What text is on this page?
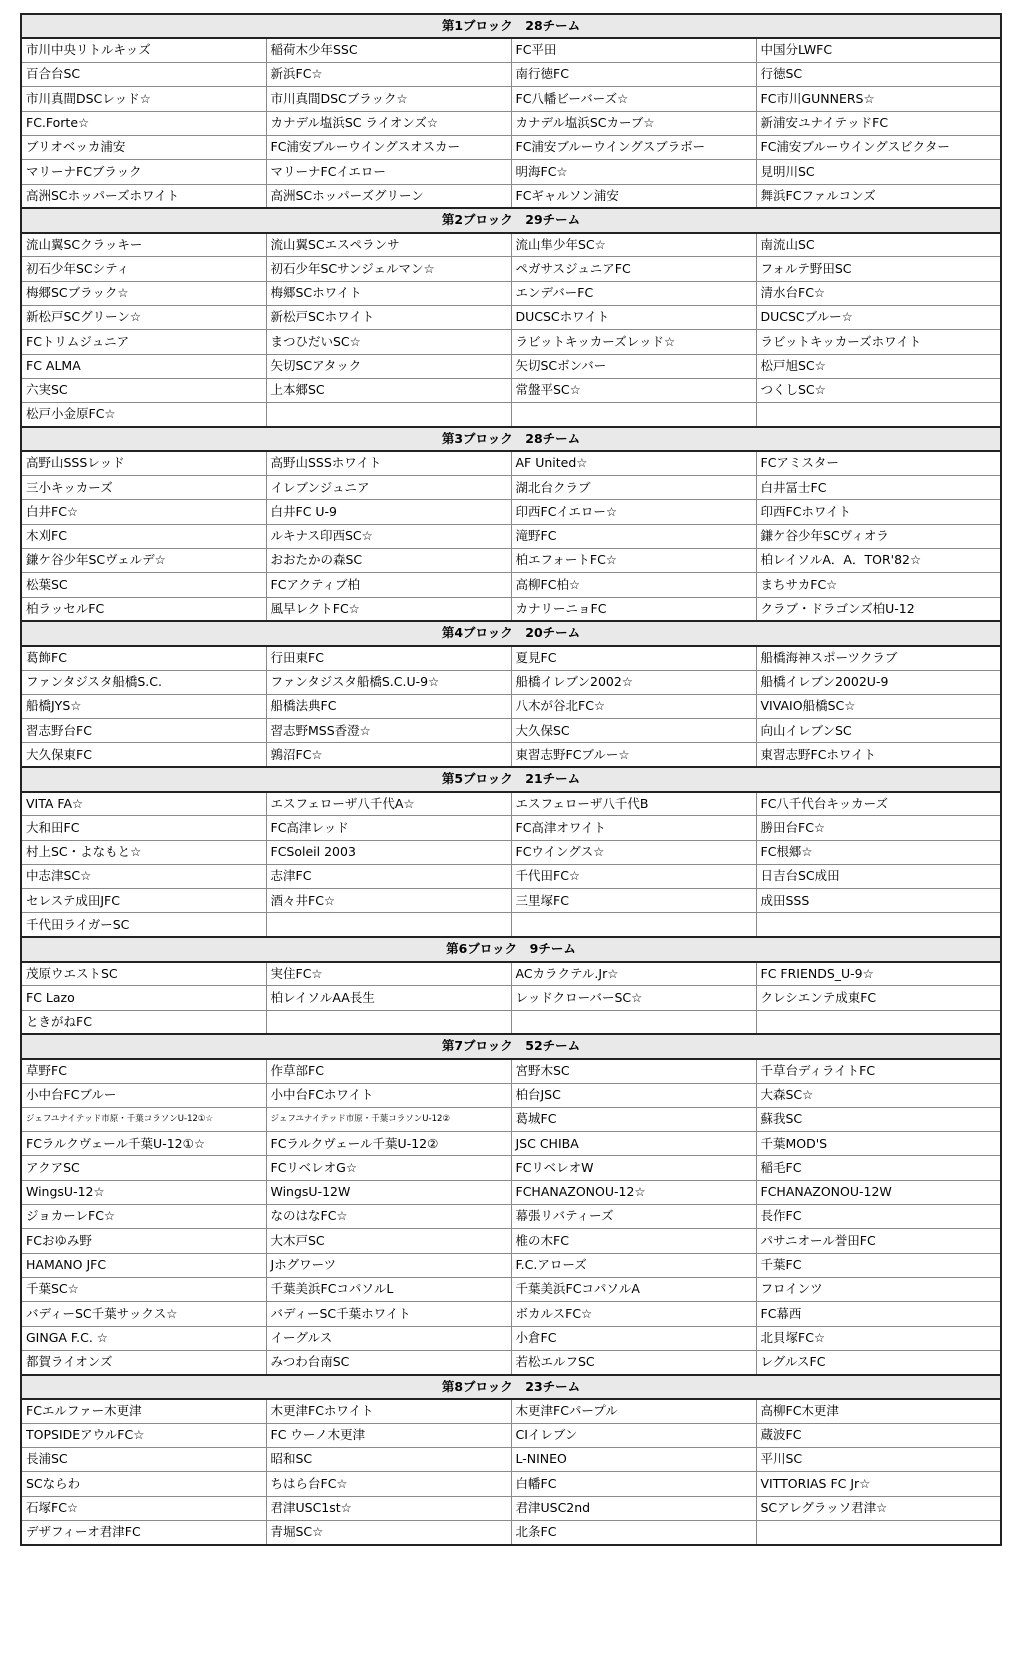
第1ブロック　28チーム			
市川中央リトルキッズ	稲荷木少年SSC	FC平田	中国分LWFC
百合台SC	新浜FC☆	南行徳FC	行徳SC
市川真間DSCレッド☆	市川真間DSCブラック☆	FC八幡ビーバーズ☆	FC市川GUNNERS☆
FC.Forte☆	カナデル塩浜SC ライオンズ☆	カナデル塩浜SCカーブ☆	新浦安ユナイテッドFC
ブリオベッカ浦安	FC浦安ブルーウイングスオスカー	FC浦安ブルーウイングスブラボー	FC浦安ブルーウイングスビクター
マリーナFCブラック	マリーナFCイエロー	明海FC☆	見明川SC
高洲SCホッパーズホワイト	高洲SCホッパーズグリーン	FCギャルソン浦安	舞浜FCファルコンズ
第2ブロック　29チーム			
流山翼SCクラッキー	流山翼SCエスペランサ	流山隼少年SC☆	南流山SC
初石少年SCシティ	初石少年SCサンジェルマン☆	ペガサスジュニアFC	フォルテ野田SC
梅郷SCブラック☆	梅郷SCホワイト	エンデバーFC	清水台FC☆
新松戸SCグリーン☆	新松戸SCホワイト	DUCSCホワイト	DUCSCブルー☆
FCトリムジュニア	まつひだいSC☆	ラビットキッカーズレッド☆	ラビットキッカーズホワイト
FC ALMA	矢切SCアタック	矢切SCボンバー	松戸旭SC☆
六実SC	上本郷SC	常盤平SC☆	つくしSC☆
松戸小金原FC☆			
第3ブロック　28チーム			
高野山SSSレッド	高野山SSSホワイト	AF United☆	FCアミスター
三小キッカーズ	イレブンジュニア	湖北台クラブ	白井冨士FC
白井FC☆	白井FC U-9	印西FCイエロー☆	印西FCホワイト
木刈FC	ルキナス印西SC☆	滝野FC	鎌ケ谷少年SCヴィオラ
鎌ケ谷少年SCヴェルデ☆	おおたかの森SC	柏エフォートFC☆	柏レイソルA．A．TOR'82☆
松葉SC	FCアクティブ柏	高柳FC柏☆	まちサカFC☆
柏ラッセルFC	風早レクトFC☆	カナリーニョFC	クラブ・ドラゴンズ柏U-12
第4ブロック　20チーム			
葛飾FC	行田東FC	夏見FC	船橋海神スポーツクラブ
ファンタジスタ船橋S.C.	ファンタジスタ船橋S.C.U-9☆	船橋イレブン2002☆	船橋イレブン2002U-9
船橋JYS☆	船橋法典FC	八木が谷北FC☆	VIVAIO船橋SC☆
習志野台FC	習志野MSS香澄☆	大久保SC	向山イレブンSC
大久保東FC	鶉沼FC☆	東習志野FCブルー☆	東習志野FCホワイト
第5ブロック　21チーム			
VITA FA☆	エスフェローザ八千代A☆	エスフェローザ八千代B	FC八千代台キッカーズ
大和田FC	FC高津レッド	FC高津オワイト	勝田台FC☆
村上SC・よなもと☆	FCSoleil 2003	FCウイングス☆	FC根郷☆
中志津SC☆	志津FC	千代田FC☆	日吉台SC成田
セレステ成田JFC	酒々井FC☆	三里塚FC	成田SSS
千代田ライガーSC			
第6ブロック　9チーム			
茂原ウエストSC	実住FC☆	ACカラクテル.Jr☆	FC FRIENDS_U-9☆
FC Lazo	柏レイソルAA長生	レッドクローバーSC☆	クレシエンテ成東FC
ときがねFC			
第7ブロック　52チーム			
草野FC	作草部FC	宮野木SC	千草台ディライトFC
小中台FCブルー	小中台FCホワイト	柏台JSC	大森SC☆
ジェフユナイテッド市原・千葉コラソンU-12①☆	ジェフユナイテッド市原・千葉コラソンU-12②	葛城FC	蘇我SC
FCラルクヴェール千葉U-12①☆	FCラルクヴェール千葉U-12②	JSC CHIBA	千葉MOD'S
アクアSC	FCリベレオG☆	FCリベレオW	稲毛FC
WingsU-12☆	WingsU-12W	FCHANAZONOU-12☆	FCHANAZONOU-12W
ジョカーレFC☆	なのはなFC☆	幕張リバティーズ	長作FC
FCおゆみ野	大木戸SC	椎の木FC	パサニオール誉田FC
HAMANO JFC	Jホグワーツ	F.C.アローズ	千葉FC
千葉SC☆	千葉美浜FCコパソルL	千葉美浜FCコパソルA	フロインツ
バディーSC千葉サックス☆	バディーSC千葉ホワイト	ボカルスFC☆	FC幕西
GINGA F.C. ☆	イーグルス	小倉FC	北貝塚FC☆
都賀ライオンズ	みつわ台南SC	若松エルフSC	レグルスFC
第8ブロック　23チーム			
FCエルファー木更津	木更津FCホワイト	木更津FCパープル	高柳FC木更津
TOPSIDEアウルFC☆	FC ウーノ木更津	CIイレブン	蔵波FC
長浦SC	昭和SC	L-NINEO	平川SC
SCならわ	ちはら台FC☆	白幡FC	VITTORIAS FC Jr☆
石塚FC☆	君津USC1st☆	君津USC2nd	SCアレグラッソ君津☆
デザフィーオ君津FC	青堀SC☆	北条FC	
